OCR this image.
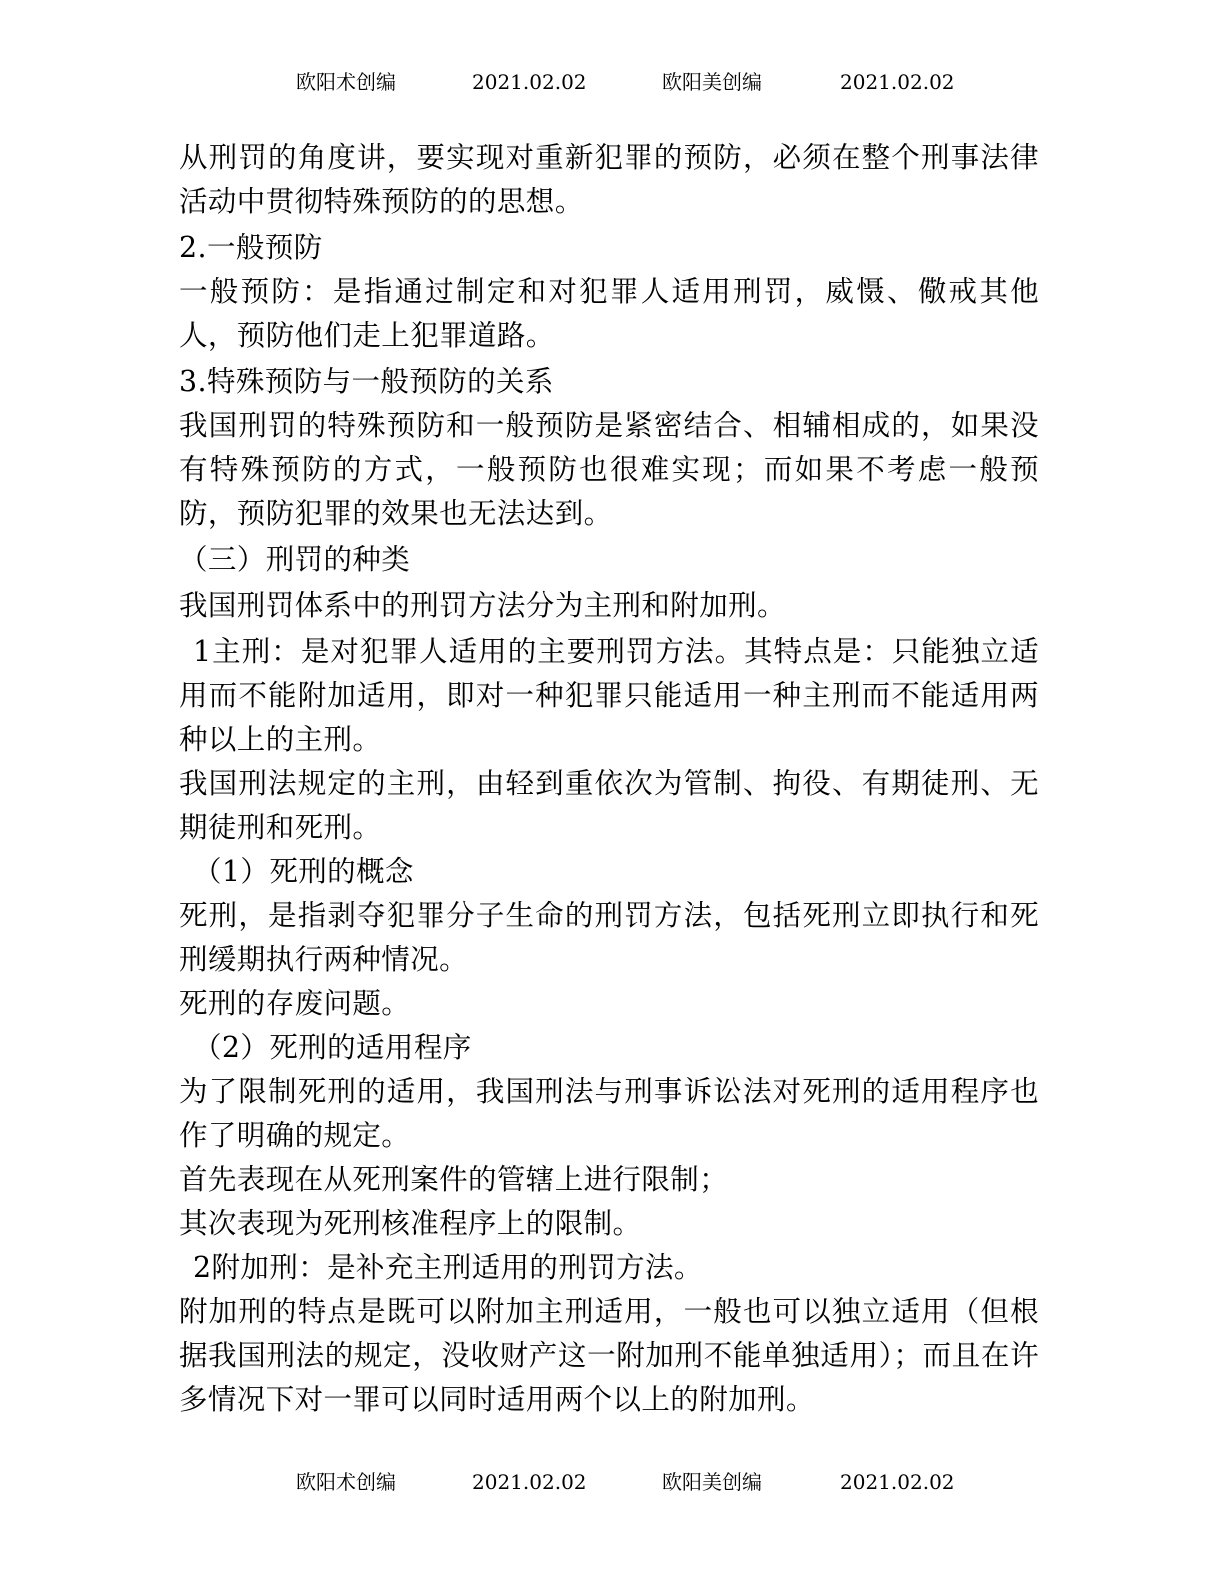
欧阳术创编	2021.02.02	欧阳美创编	2021.02.02

从刑罚的角度讲，要实现对重新犯罪的预防，必须在整个刑事法律活动中贯彻特殊预防的的思想。

2.一般预防

一般预防：是指通过制定和对犯罪人适用刑罚，威慑、儆戒其他人，预防他们走上犯罪道路。

3.特殊预防与一般预防的关系

我国刑罚的特殊预防和一般预防是紧密结合、相辅相成的，如果没有特殊预防的方式，一般预防也很难实现；而如果不考虑一般预防，预防犯罪的效果也无法达到。

（三）刑罚的种类

我国刑罚体系中的刑罚方法分为主刑和附加刑。

1主刑：是对犯罪人适用的主要刑罚方法。其特点是：只能独立适用而不能附加适用，即对一种犯罪只能适用一种主刑而不能适用两种以上的主刑。

我国刑法规定的主刑，由轻到重依次为管制、拘役、有期徒刑、无期徒刑和死刑。

（1）死刑的概念

死刑，是指剥夺犯罪分子生命的刑罚方法，包括死刑立即执行和死刑缓期执行两种情况。

死刑的存废问题。

（2）死刑的适用程序

为了限制死刑的适用，我国刑法与刑事诉讼法对死刑的适用程序也作了明确的规定。

首先表现在从死刑案件的管辖上进行限制；

其次表现为死刑核准程序上的限制。

2附加刑：是补充主刑适用的刑罚方法。

附加刑的特点是既可以附加主刑适用，一般也可以独立适用（但根据我国刑法的规定，没收财产这一附加刑不能单独适用）；而且在许多情况下对一罪可以同时适用两个以上的附加刑。

欧阳术创编	2021.02.02	欧阳美创编	2021.02.02
